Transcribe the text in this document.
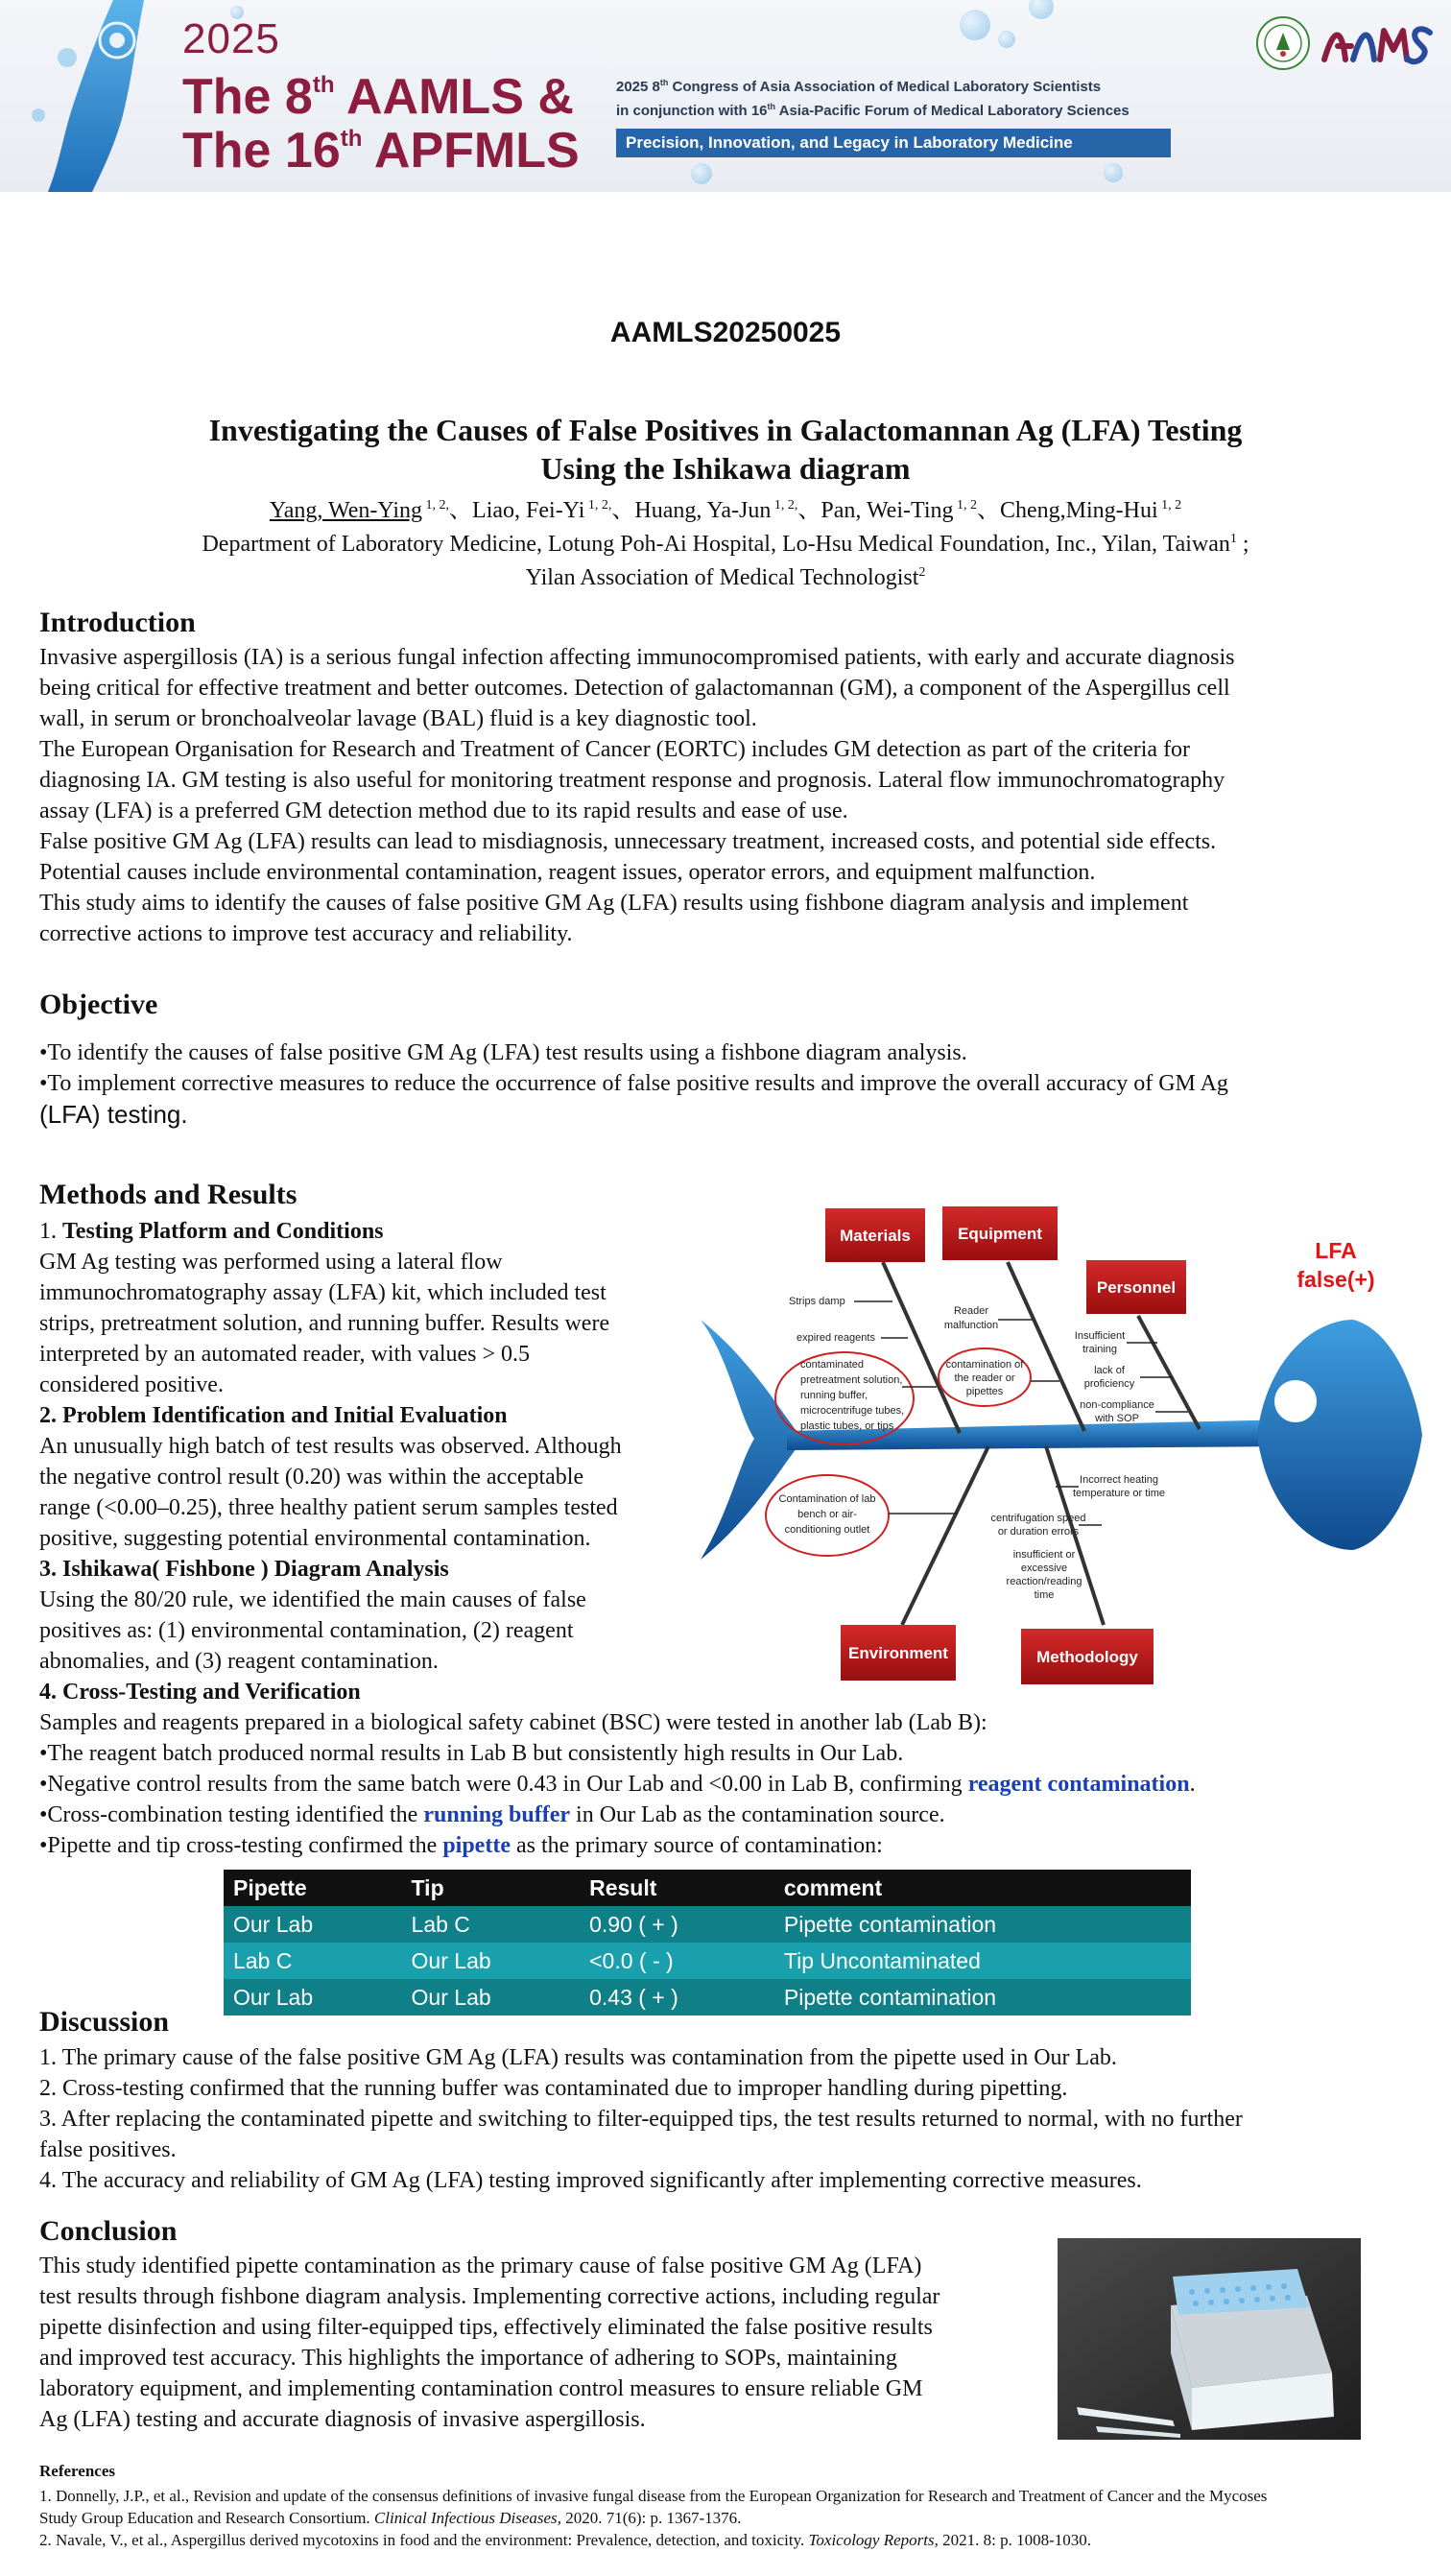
2025
The 8th AAMLS &
The 16th APFMLS
2025 8th Congress of Asia Association of Medical Laboratory Scientists
in conjunction with 16th Asia-Pacific Forum of Medical Laboratory Sciences
Precision, Innovation, and Legacy in Laboratory Medicine
AAMLS20250025
Investigating the Causes of False Positives in Galactomannan Ag (LFA) Testing
Using the Ishikawa diagram
Yang, Wen-Ying $^{1, 2,}$、Liao, Fei-Yi $^{1, 2,}$、Huang, Ya-Jun $^{1, 2,}$、Pan, Wei-Ting $^{1, 2}$、Cheng,Ming-Hui $^{1, 2}$
Department of Laboratory Medicine, Lotung Poh-Ai Hospital, Lo-Hsu Medical Foundation, Inc., Yilan, Taiwan$^1$ ;
Yilan Association of Medical Technologist$^2$
Introduction

Invasive aspergillosis (IA) is a serious fungal infection affecting immunocompromised patients, with early and accurate diagnosis

being critical for effective treatment and better outcomes. Detection of galactomannan (GM), a component of the Aspergillus cell

wall, in serum or bronchoalveolar lavage (BAL) fluid is a key diagnostic tool.

The European Organisation for Research and Treatment of Cancer (EORTC) includes GM detection as part of the criteria for

diagnosing IA. GM testing is also useful for monitoring treatment response and prognosis. Lateral flow immunochromatography

assay (LFA) is a preferred GM detection method due to its rapid results and ease of use.

False positive GM Ag (LFA) results can lead to misdiagnosis, unnecessary treatment, increased costs, and potential side effects.

Potential causes include environmental contamination, reagent issues, operator errors, and equipment malfunction.

This study aims to identify the causes of false positive GM Ag (LFA) results using fishbone diagram analysis and implement

corrective actions to improve test accuracy and reliability.

Objective

•To identify the causes of false positive GM Ag (LFA) test results using a fishbone diagram analysis.

•To implement corrective measures to reduce the occurrence of false positive results and improve the overall accuracy of GM Ag

(LFA) testing.

Methods and Results

1. Testing Platform and Conditions

GM Ag testing was performed using a lateral flow

immunochromatography assay (LFA) kit, which included test

strips, pretreatment solution, and running buffer. Results were

interpreted by an automated reader, with values > 0.5

considered positive.

2. Problem Identification and Initial Evaluation

An unusually high batch of test results was observed. Although

the negative control result (0.20) was within the acceptable

range (<0.00–0.25), three healthy patient serum samples tested

positive, suggesting potential environmental contamination.

3. Ishikawa( Fishbone ) Diagram Analysis

Using the 80/20 rule, we identified the main causes of false

positives as: (1) environmental contamination, (2) reagent

abnomalies, and (3) reagent contamination.

4. Cross-Testing and Verification

Samples and reagents prepared in a biological safety cabinet (BSC) were tested in another lab (Lab B):

•The reagent batch produced normal results in Lab B but consistently high results in Our Lab.

•Negative control results from the same batch were 0.43 in Our Lab and <0.00 in Lab B, confirming reagent contamination.

•Cross-combination testing identified the running buffer in Our Lab as the contamination source.

•Pipette and tip cross-testing confirmed the pipette as the primary source of contamination:

Materials	Equipment
Personnel
Environment	Methodology
LFA
false(+)
Strips damp
expired reagents
contaminated
pretreatment solution,
running buffer,
microcentrifuge tubes,
plastic tubes, or tips
Reader
malfunction
contamination of
the reader or
pipettes
Insufficient
training
lack of
proficiency
non-compliance
with SOP
Contamination of lab
bench or air-
conditioning outlet
Incorrect heating
temperature or time
centrifugation speed
or duration errors
insufficient or
excessive
reaction/reading
time
Pipette	Tip	Result	comment
Our Lab	Lab C	0.90 ( + )	Pipette contamination
Lab C	Our Lab	<0.0 ( - )	Tip Uncontaminated
Our Lab	Our Lab	0.43 ( + )	Pipette contamination
Discussion

1. The primary cause of the false positive GM Ag (LFA) results was contamination from the pipette used in Our Lab.

2. Cross-testing confirmed that the running buffer was contaminated due to improper handling during pipetting.

3. After replacing the contaminated pipette and switching to filter-equipped tips, the test results returned to normal, with no further

false positives.

4. The accuracy and reliability of GM Ag (LFA) testing improved significantly after implementing corrective measures.

Conclusion

This study identified pipette contamination as the primary cause of false positive GM Ag (LFA)

test results through fishbone diagram analysis. Implementing corrective actions, including regular

pipette disinfection and using filter-equipped tips, effectively eliminated the false positive results

and improved test accuracy. This highlights the importance of adhering to SOPs, maintaining

laboratory equipment, and implementing contamination control measures to ensure reliable GM

Ag (LFA) testing and accurate diagnosis of invasive aspergillosis.

References

1. Donnelly, J.P., et al., Revision and update of the consensus definitions of invasive fungal disease from the European Organization for Research and Treatment of Cancer and the Mycoses

Study Group Education and Research Consortium. Clinical Infectious Diseases, 2020. 71(6): p. 1367-1376.

2. Navale, V., et al., Aspergillus derived mycotoxins in food and the environment: Prevalence, detection, and toxicity. Toxicology Reports, 2021. 8: p. 1008-1030.
